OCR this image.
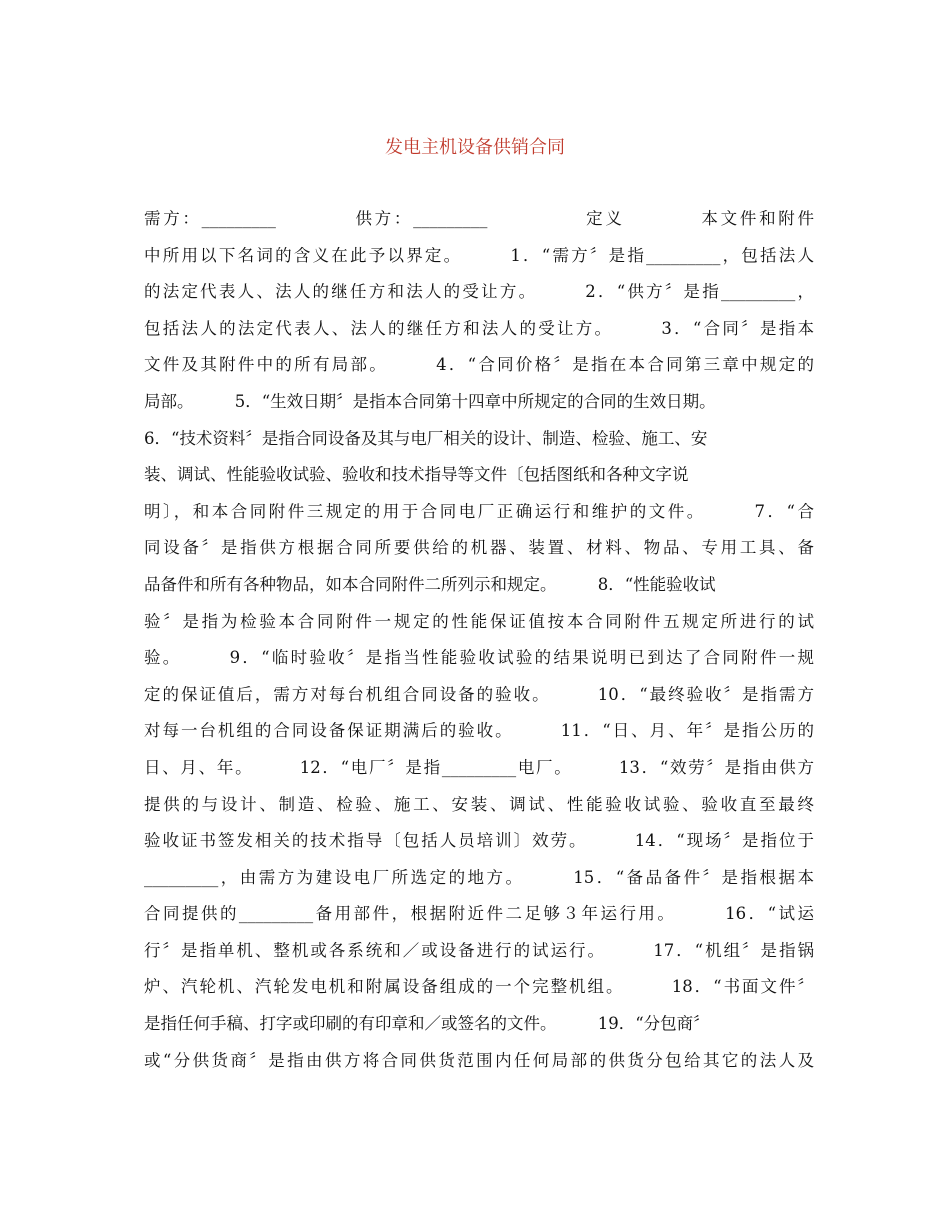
发电主机设备供销合同
需方：_________　　　　供方：_________　　　　　定义　　　　本文件和附件
中所用以下名词的含义在此予以界定。　　　1．“需方〞是指_________，包括法人
的法定代表人、法人的继任方和法人的受让方。　　　2．“供方〞是指_________，
包括法人的法定代表人、法人的继任方和法人的受让方。　　　3．“合同〞是指本
文件及其附件中的所有局部。　　　4．“合同价格〞是指在本合同第三章中规定的
局部。　　　5．“生效日期〞是指本合同第十四章中所规定的合同的生效日期。
6．“技术资料〞是指合同设备及其与电厂相关的设计、制造、检验、施工、安
装、调试、性能验收试验、验收和技术指导等文件〔包括图纸和各种文字说
明〕，和本合同附件三规定的用于合同电厂正确运行和维护的文件。　　　7．“合
同设备〞是指供方根据合同所要供给的机器、装置、材料、物品、专用工具、备
品备件和所有各种物品，如本合同附件二所列示和规定。　　　8．“性能验收试
验〞是指为检验本合同附件一规定的性能保证值按本合同附件五规定所进行的试
验。　　　9．“临时验收〞是指当性能验收试验的结果说明已到达了合同附件一规
定的保证值后，需方对每台机组合同设备的验收。　　　10．“最终验收〞是指需方
对每一台机组的合同设备保证期满后的验收。　　　11．“日、月、年〞是指公历的
日、月、年。　　　12．“电厂〞是指_________电厂。　　　13．“效劳〞是指由供方
提供的与设计、制造、检验、施工、安装、调试、性能验收试验、验收直至最终
验收证书签发相关的技术指导〔包括人员培训〕效劳。　　　14．“现场〞是指位于
_________，由需方为建设电厂所选定的地方。　　　15．“备品备件〞是指根据本
合同提供的_________备用部件，根据附近件二足够３年运行用。　　　16．“试运
行〞是指单机、整机或各系统和／或设备进行的试运行。　　　17．“机组〞是指锅
炉、汽轮机、汽轮发电机和附属设备组成的一个完整机组。　　　18．“书面文件〞
是指任何手稿、打字或印刷的有印章和／或签名的文件。　　　19．“分包商〞
或“分供货商〞是指由供方将合同供货范围内任何局部的供货分包给其它的法人及
